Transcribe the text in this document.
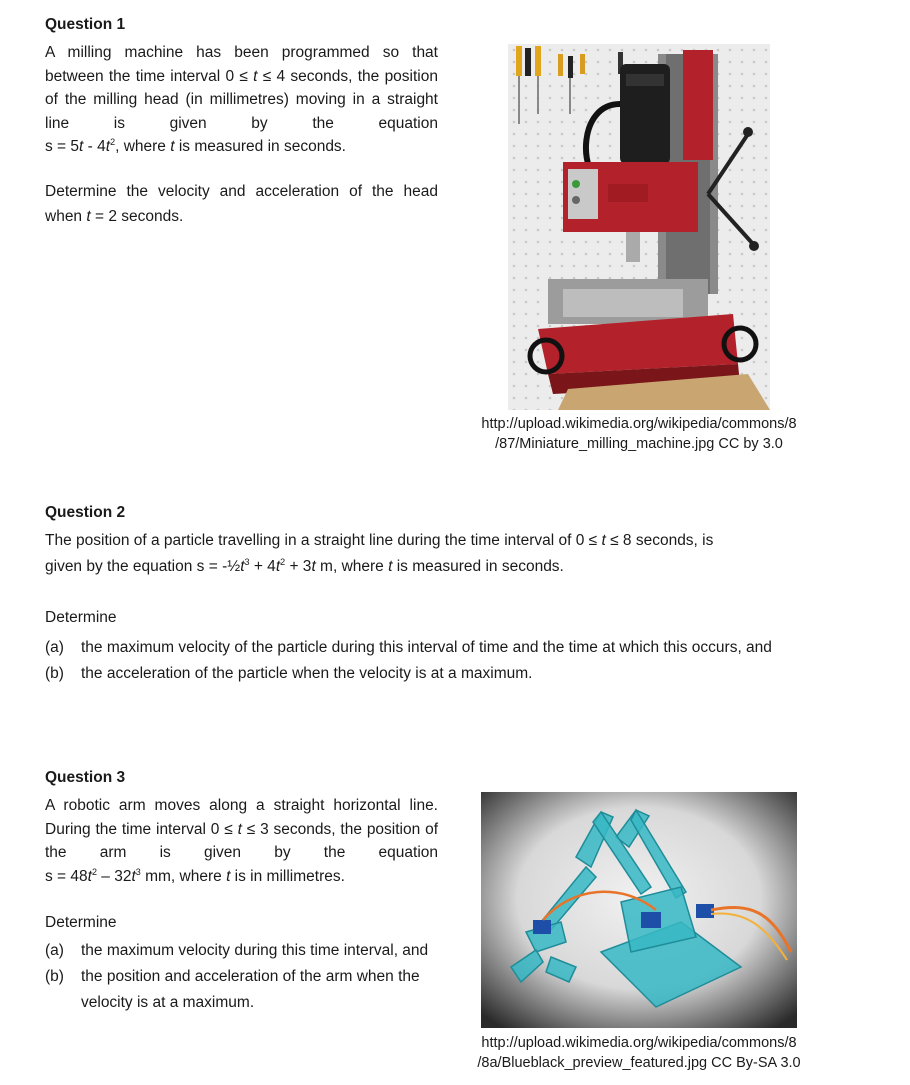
Question 1
A milling machine has been programmed so that between the time interval 0 ≤ t ≤ 4 seconds, the position of the milling head (in millimetres) moving in a straight line is given by the equation $s = 5t - 4t^2$, where t is measured in seconds.
Determine the velocity and acceleration of the head when t = 2 seconds.
http://upload.wikimedia.org/wikipedia/commons/8
/87/Miniature_milling_machine.jpg CC by 3.0
Question 2
The position of a particle travelling in a straight line during the time interval of 0 ≤ t ≤ 8 seconds, is
given by the equation $s = -\frac{1}{2}t^3 + 4t^2 + 3t$ m, where t is measured in seconds.
Determine
(a)	the maximum velocity of the particle during this interval of time and the time at which this occurs, and
(b)	the acceleration of the particle when the velocity is at a maximum.
Question 3
A robotic arm moves along a straight horizontal line. During the time interval 0 ≤ t ≤ 3 seconds, the position of the arm is given by the equation $s = 48t^2 - 32t^3$ mm, where t is in millimetres.
Determine
(a)	the maximum velocity during this time interval, and
(b)	the position and acceleration of the arm when the velocity is at a maximum.
http://upload.wikimedia.org/wikipedia/commons/8
/8a/Blueblack_preview_featured.jpg CC By-SA 3.0
